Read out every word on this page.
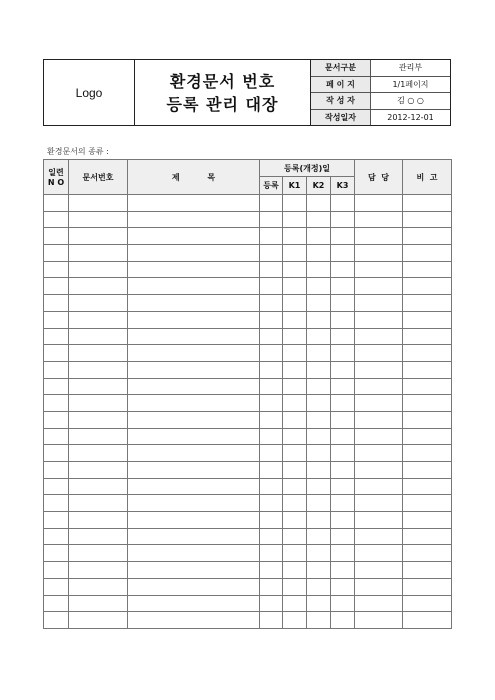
Logo
환경문서 번호
등록 관리 대장
문서구분	관리부
페 이 지	1/1페이지
작 성 자	김 ○ ○
작성일자	2012-12-01
환경문서의 종류 :
일련
N O	문서번호	제          목	등록(개정)일				담  당	비  고
			등록	K1	K2	K3		
